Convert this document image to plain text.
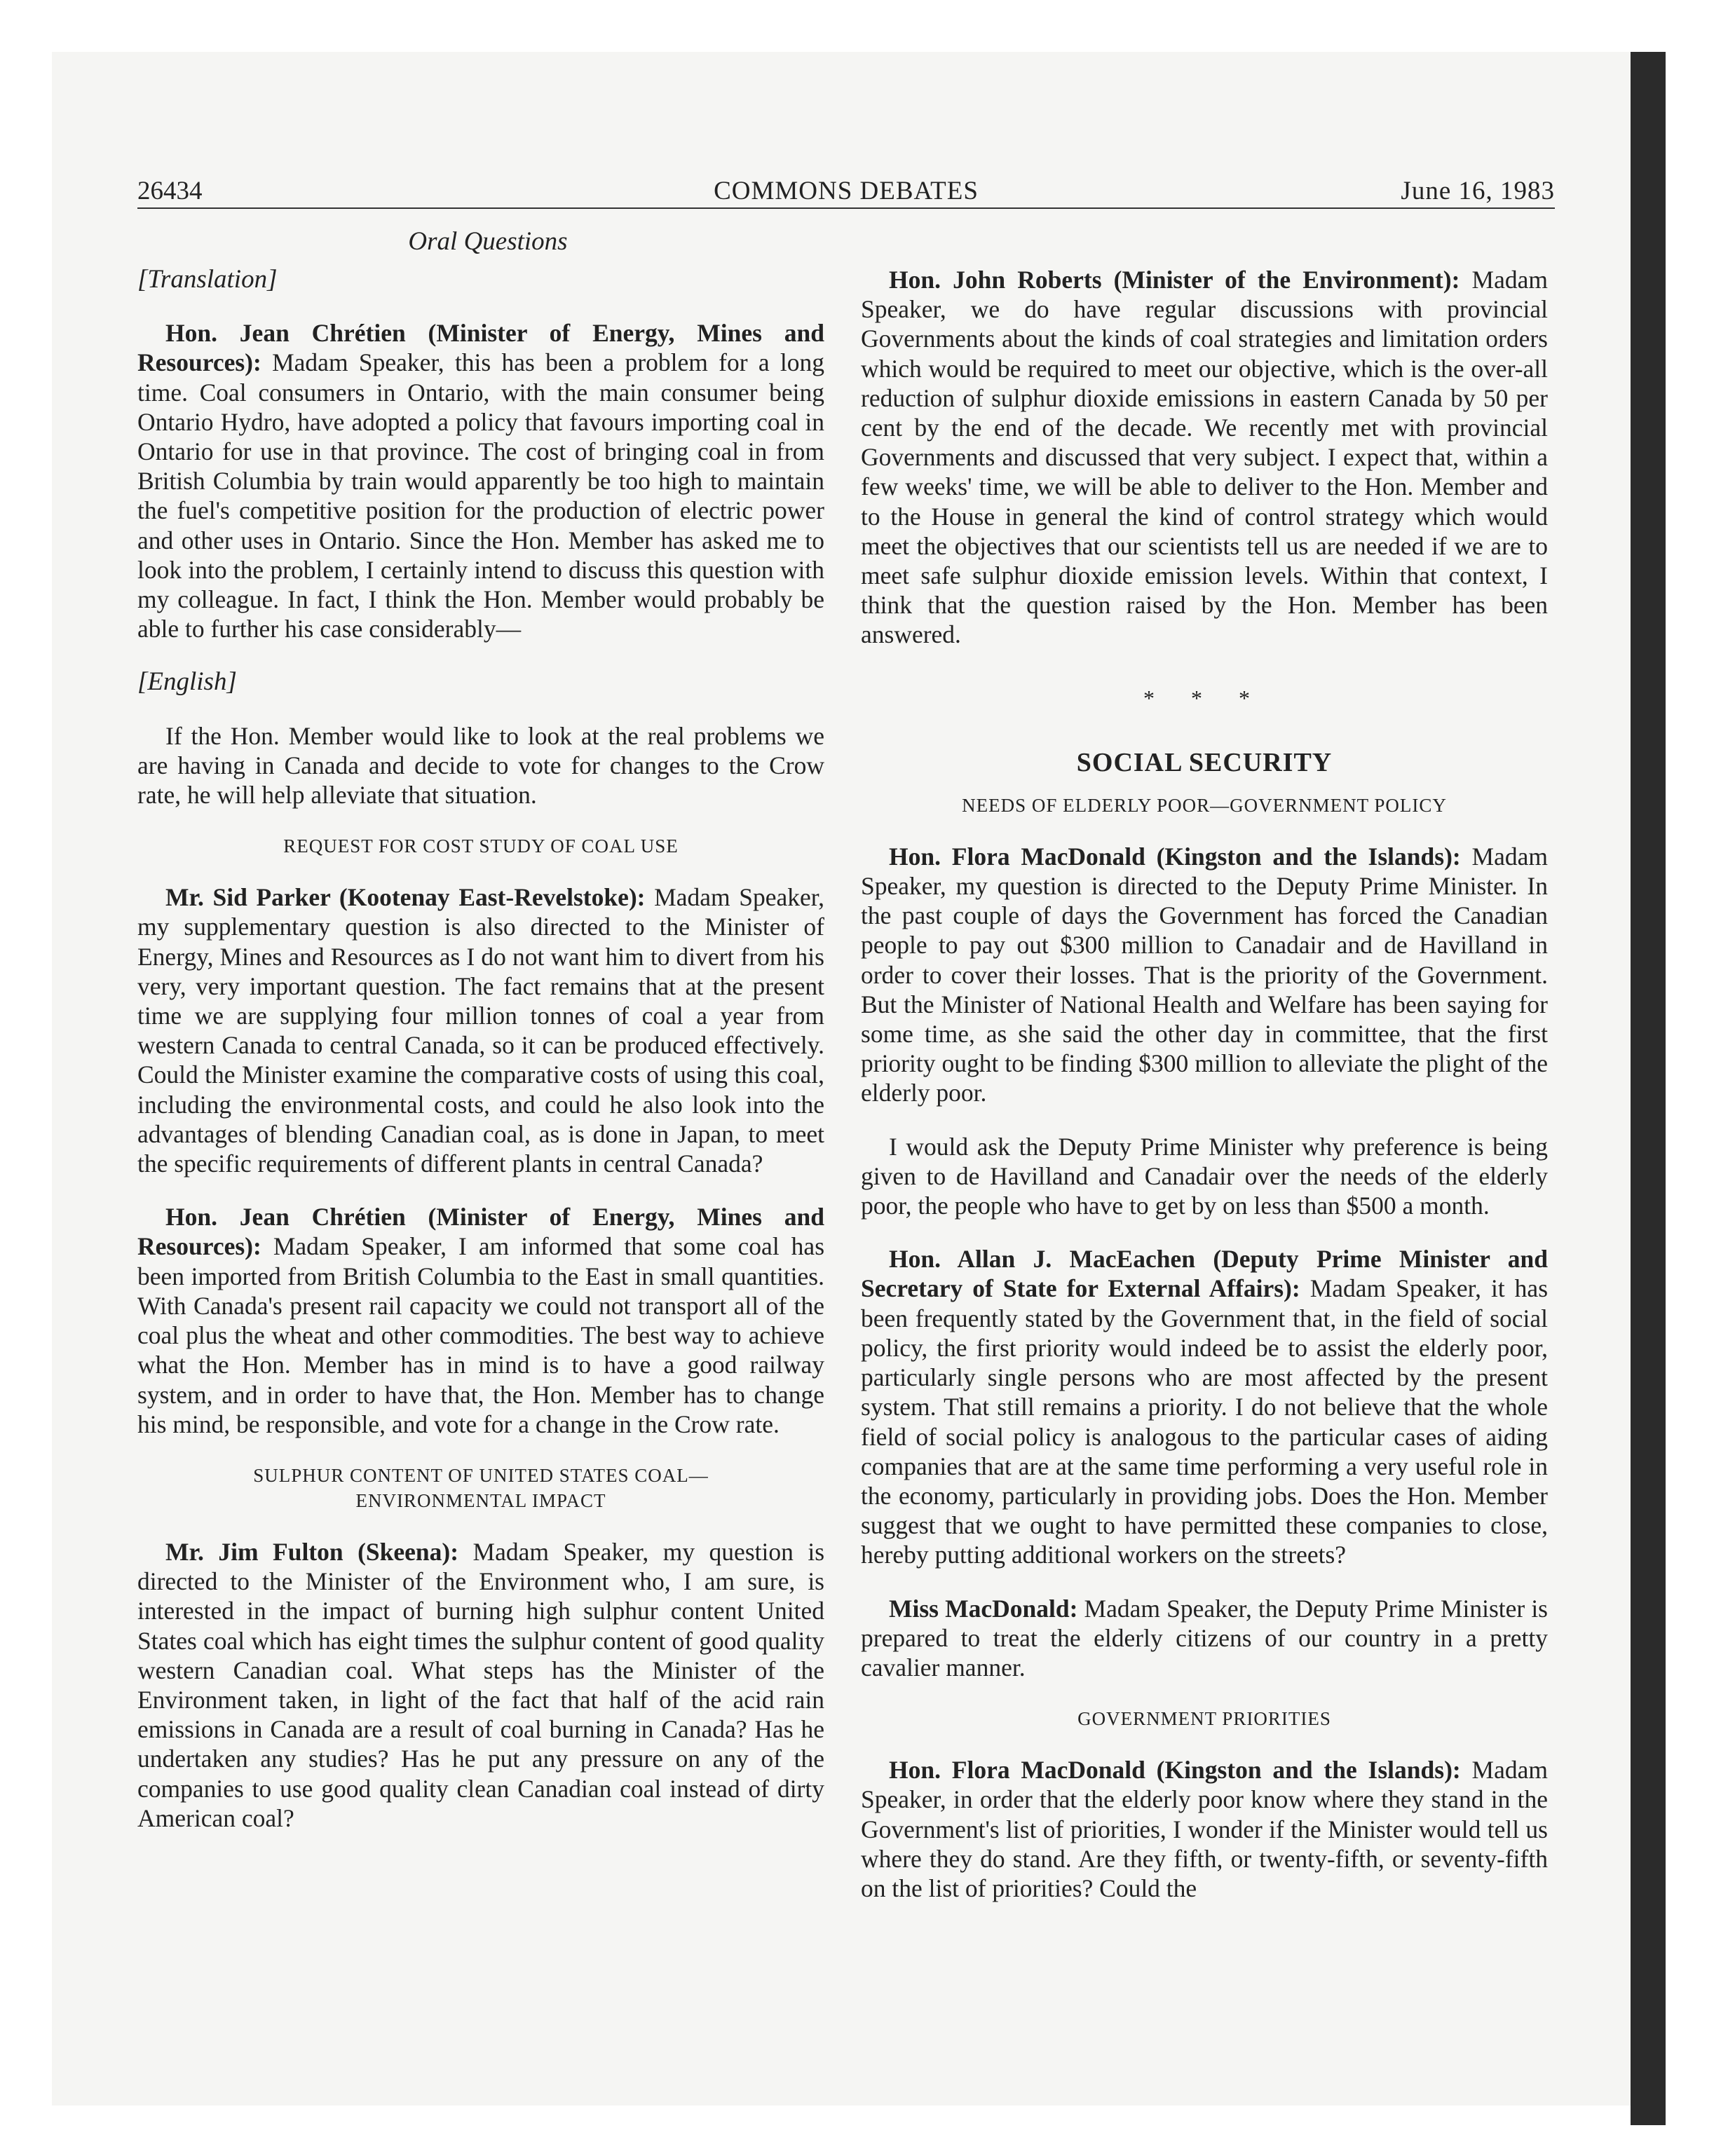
26434	COMMONS DEBATES	June 16, 1983
Oral Questions

[Translation]

Hon. Jean Chrétien (Minister of Energy, Mines and Resources): Madam Speaker, this has been a problem for a long time. Coal consumers in Ontario, with the main consumer being Ontario Hydro, have adopted a policy that favours importing coal in Ontario for use in that province. The cost of bringing coal in from British Columbia by train would apparently be too high to maintain the fuel's competitive position for the production of electric power and other uses in Ontario. Since the Hon. Member has asked me to look into the problem, I certainly intend to discuss this question with my colleague. In fact, I think the Hon. Member would probably be able to further his case considerably—

[English]

If the Hon. Member would like to look at the real problems we are having in Canada and decide to vote for changes to the Crow rate, he will help alleviate that situation.

REQUEST FOR COST STUDY OF COAL USE

Mr. Sid Parker (Kootenay East-Revelstoke): Madam Speaker, my supplementary question is also directed to the Minister of Energy, Mines and Resources as I do not want him to divert from his very, very important question. The fact remains that at the present time we are supplying four million tonnes of coal a year from western Canada to central Canada, so it can be produced effectively. Could the Minister examine the comparative costs of using this coal, including the environmental costs, and could he also look into the advantages of blending Canadian coal, as is done in Japan, to meet the specific requirements of different plants in central Canada?

Hon. Jean Chrétien (Minister of Energy, Mines and Resources): Madam Speaker, I am informed that some coal has been imported from British Columbia to the East in small quantities. With Canada's present rail capacity we could not transport all of the coal plus the wheat and other commodities. The best way to achieve what the Hon. Member has in mind is to have a good railway system, and in order to have that, the Hon. Member has to change his mind, be responsible, and vote for a change in the Crow rate.

SULPHUR CONTENT OF UNITED STATES COAL—
ENVIRONMENTAL IMPACT

Mr. Jim Fulton (Skeena): Madam Speaker, my question is directed to the Minister of the Environment who, I am sure, is interested in the impact of burning high sulphur content United States coal which has eight times the sulphur content of good quality western Canadian coal. What steps has the Minister of the Environment taken, in light of the fact that half of the acid rain emissions in Canada are a result of coal burning in Canada? Has he undertaken any studies? Has he put any pressure on any of the companies to use good quality clean Canadian coal instead of dirty American coal?

Hon. John Roberts (Minister of the Environment): Madam Speaker, we do have regular discussions with provincial Governments about the kinds of coal strategies and limitation orders which would be required to meet our objective, which is the over-all reduction of sulphur dioxide emissions in eastern Canada by 50 per cent by the end of the decade. We recently met with provincial Governments and discussed that very subject. I expect that, within a few weeks' time, we will be able to deliver to the Hon. Member and to the House in general the kind of control strategy which would meet the objectives that our scientists tell us are needed if we are to meet safe sulphur dioxide emission levels. Within that context, I think that the question raised by the Hon. Member has been answered.

* * *

SOCIAL SECURITY

NEEDS OF ELDERLY POOR—GOVERNMENT POLICY

Hon. Flora MacDonald (Kingston and the Islands): Madam Speaker, my question is directed to the Deputy Prime Minister. In the past couple of days the Government has forced the Canadian people to pay out $300 million to Canadair and de Havilland in order to cover their losses. That is the priority of the Government. But the Minister of National Health and Welfare has been saying for some time, as she said the other day in committee, that the first priority ought to be finding $300 million to alleviate the plight of the elderly poor.

I would ask the Deputy Prime Minister why preference is being given to de Havilland and Canadair over the needs of the elderly poor, the people who have to get by on less than $500 a month.

Hon. Allan J. MacEachen (Deputy Prime Minister and Secretary of State for External Affairs): Madam Speaker, it has been frequently stated by the Government that, in the field of social policy, the first priority would indeed be to assist the elderly poor, particularly single persons who are most affected by the present system. That still remains a priority. I do not believe that the whole field of social policy is analogous to the particular cases of aiding companies that are at the same time performing a very useful role in the economy, particularly in providing jobs. Does the Hon. Member suggest that we ought to have permitted these companies to close, hereby putting additional workers on the streets?

Miss MacDonald: Madam Speaker, the Deputy Prime Minister is prepared to treat the elderly citizens of our country in a pretty cavalier manner.

GOVERNMENT PRIORITIES

Hon. Flora MacDonald (Kingston and the Islands): Madam Speaker, in order that the elderly poor know where they stand in the Government's list of priorities, I wonder if the Minister would tell us where they do stand. Are they fifth, or twenty-fifth, or seventy-fifth on the list of priorities? Could the
